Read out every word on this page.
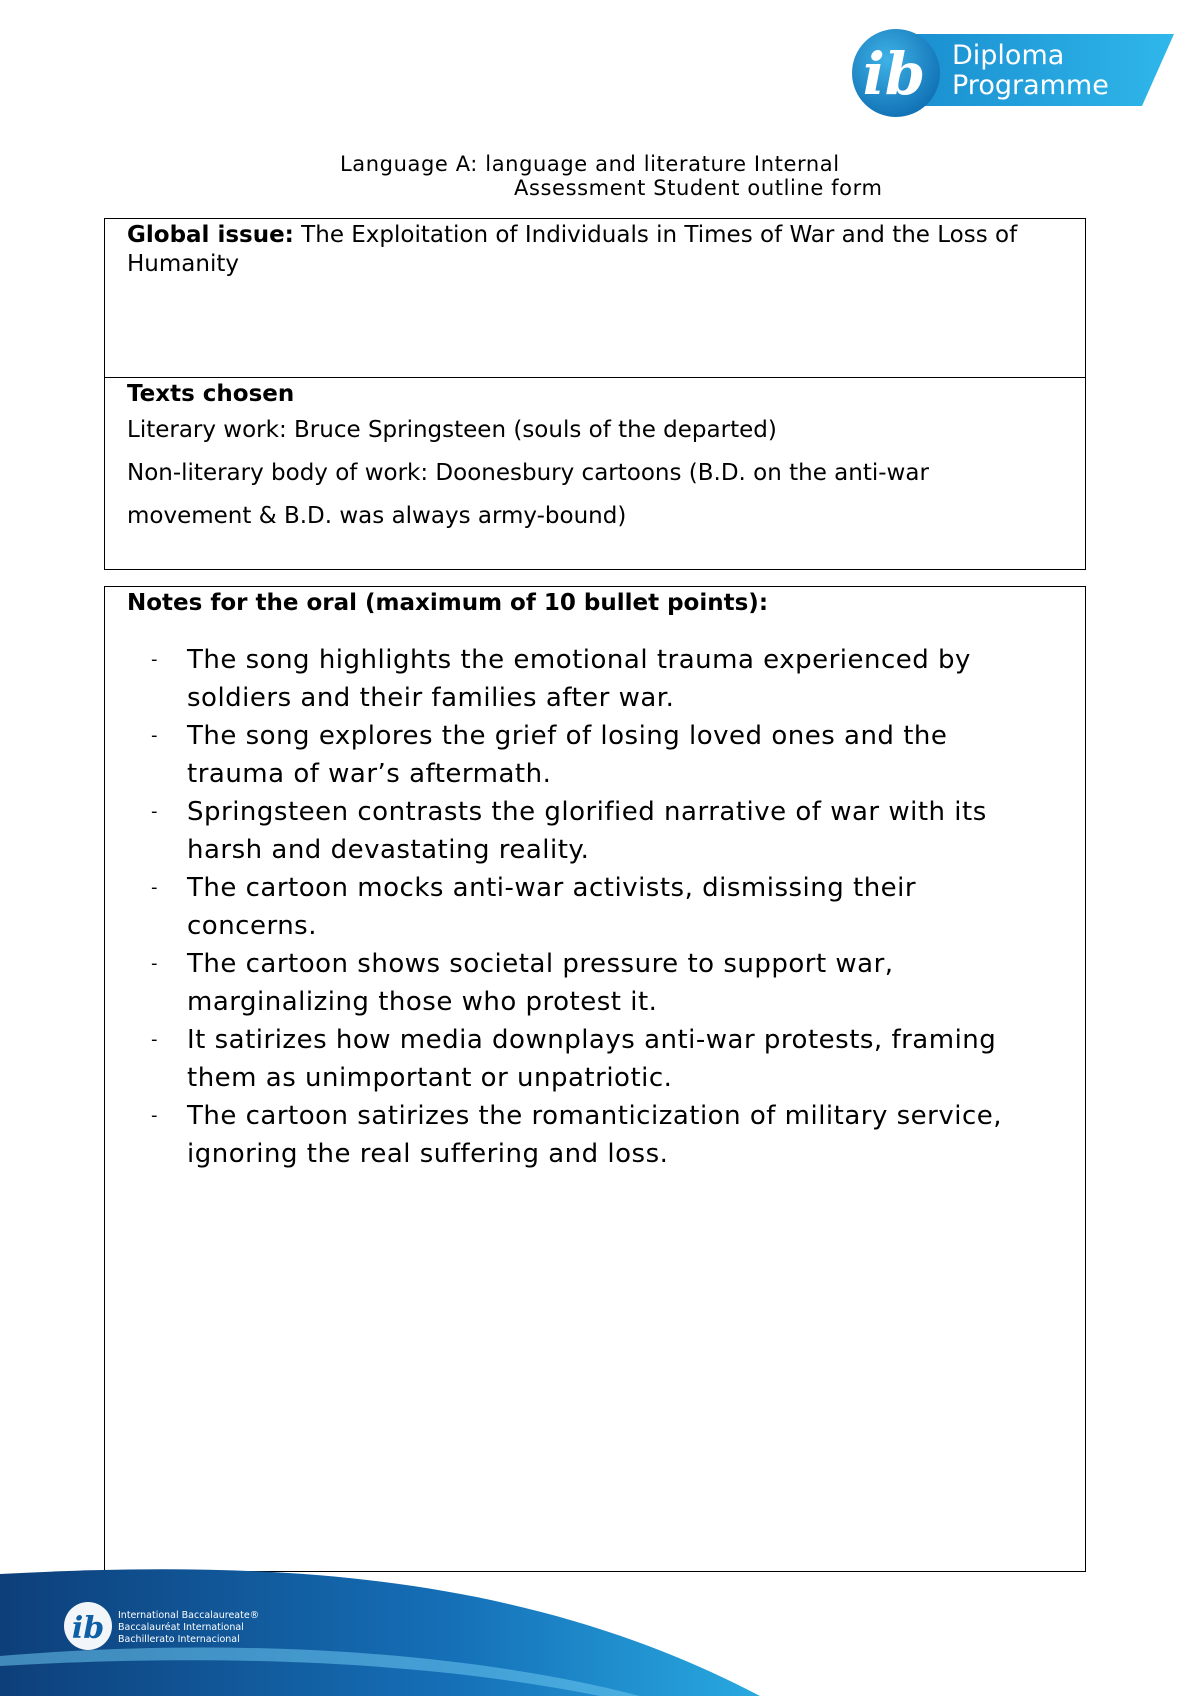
ib Diploma
Programme
Language A: language and literature Internal
Assessment Student outline form
Global issue: The Exploitation of Individuals in Times of War and the Loss of Humanity
Texts chosen
Literary work: Bruce Springsteen (souls of the departed)
Non-literary body of work: Doonesbury cartoons (B.D. on the anti-war
movement & B.D. was always army-bound)
Notes for the oral (maximum of 10 bullet points):
- The song highlights the emotional trauma experienced by
soldiers and their families after war.
- The song explores the grief of losing loved ones and the
trauma of war’s aftermath.
- Springsteen contrasts the glorified narrative of war with its
harsh and devastating reality.
- The cartoon mocks anti-war activists, dismissing their
concerns.
- The cartoon shows societal pressure to support war,
marginalizing those who protest it.
- It satirizes how media downplays anti-war protests, framing
them as unimportant or unpatriotic.
- The cartoon satirizes the romanticization of military service,
ignoring the real suffering and loss.
ib International Baccalaureate®
Baccalauréat International
Bachillerato Internacional
